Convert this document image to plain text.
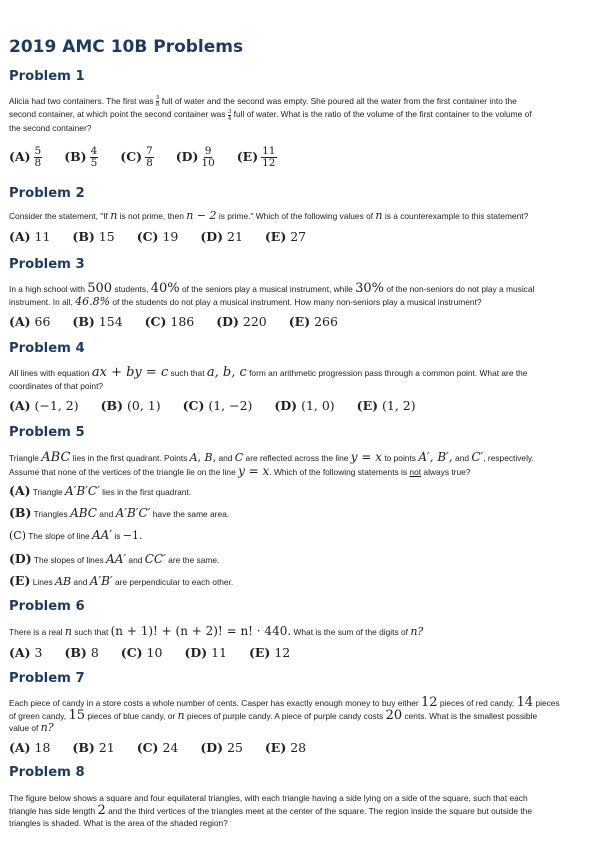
2019 AMC 10B Problems
Problem 1

Alicia had two containers. The first was $\frac{5}{6}$ full of water and the second was empty. She poured all the water from the first container into the
second container, at which point the second container was $\frac{3}{4}$ full of water. What is the ratio of the volume of the first container to the volume of
the second container?

$(A) \frac{5}{8} (B) \frac{4}{5} (C) \frac{7}{8} (D) \frac{9}{10} (E) \frac{11}{12}$
Problem 2

Consider the statement, "If n is not prime, then n − 2 is prime." Which of the following values of n is a counterexample to this statement?

(A) 11 (B) 15 (C) 19 (D) 21 (E) 27
Problem 3

In a high school with 500 students, 40% of the seniors play a musical instrument, while 30% of the non-seniors do not play a musical
instrument. In all, 46.8% of the students do not play a musical instrument. How many non-seniors play a musical instrument?

(A) 66 (B) 154 (C) 186 (D) 220 (E) 266
Problem 4

All lines with equation ax + by = c such that a, b, c form an arithmetic progression pass through a common point. What are the
coordinates of that point?

(A) (−1, 2) (B) (0, 1) (C) (1, −2) (D) (1, 0) (E) (1, 2)
Problem 5

Triangle ABC lies in the first quadrant. Points A, B, and C are reflected across the line y = x to points A′, B′, and C′, respectively.
Assume that none of the vertices of the triangle lie on the line y = x. Which of the following statements is not always true?

(A) Triangle A′B′C′ lies in the first quadrant.
(B) Triangles ABC and A′B′C′ have the same area.
(C) The slope of line AA′ is −1.
(D) The slopes of lines AA′ and CC′ are the same.
(E) Lines AB and A′B′ are perpendicular to each other.
Problem 6

There is a real n such that (n + 1)! + (n + 2)! = n! · 440. What is the sum of the digits of n?

(A) 3 (B) 8 (C) 10 (D) 11 (E) 12
Problem 7

Each piece of candy in a store costs a whole number of cents. Casper has exactly enough money to buy either 12 pieces of red candy, 14 pieces
of green candy, 15 pieces of blue candy, or n pieces of purple candy. A piece of purple candy costs 20 cents. What is the smallest possible
value of n?

(A) 18 (B) 21 (C) 24 (D) 25 (E) 28
Problem 8

The figure below shows a square and four equilateral triangles, with each triangle having a side lying on a side of the square, such that each
triangle has side length 2 and the third vertices of the triangles meet at the center of the square. The region inside the square but outside the
triangles is shaded. What is the area of the shaded region?
